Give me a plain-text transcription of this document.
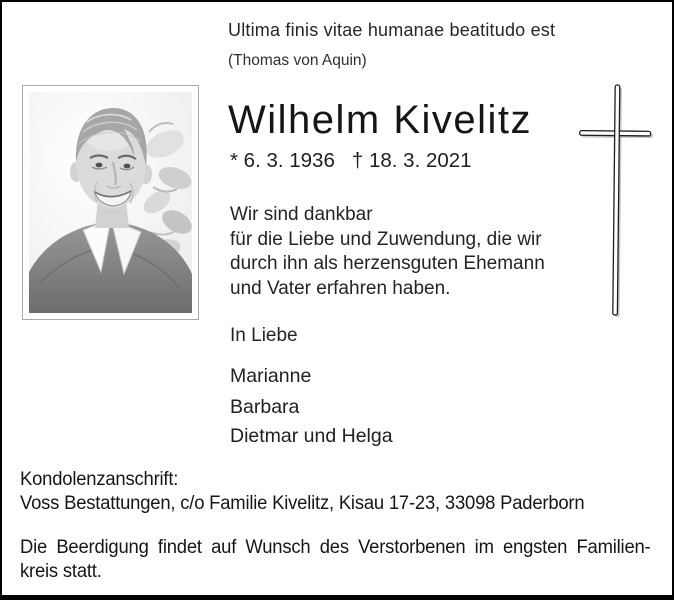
Ultima finis vitae humanae beatitudo est
(Thomas von Aquin)
Wilhelm Kivelitz
* 6. 3. 1936 † 18. 3. 2021
Wir sind dankbar
für die Liebe und Zuwendung, die wir
durch ihn als herzensguten Ehemann
und Vater erfahren haben.
In Liebe
Marianne
Barbara
Dietmar und Helga
Kondolenzanschrift:
Voss Bestattungen, c/o Familie Kivelitz, Kisau 17-23, 33098 Paderborn
Die Beerdigung findet auf Wunsch des Verstorbenen im engsten Familien-
kreis statt.
